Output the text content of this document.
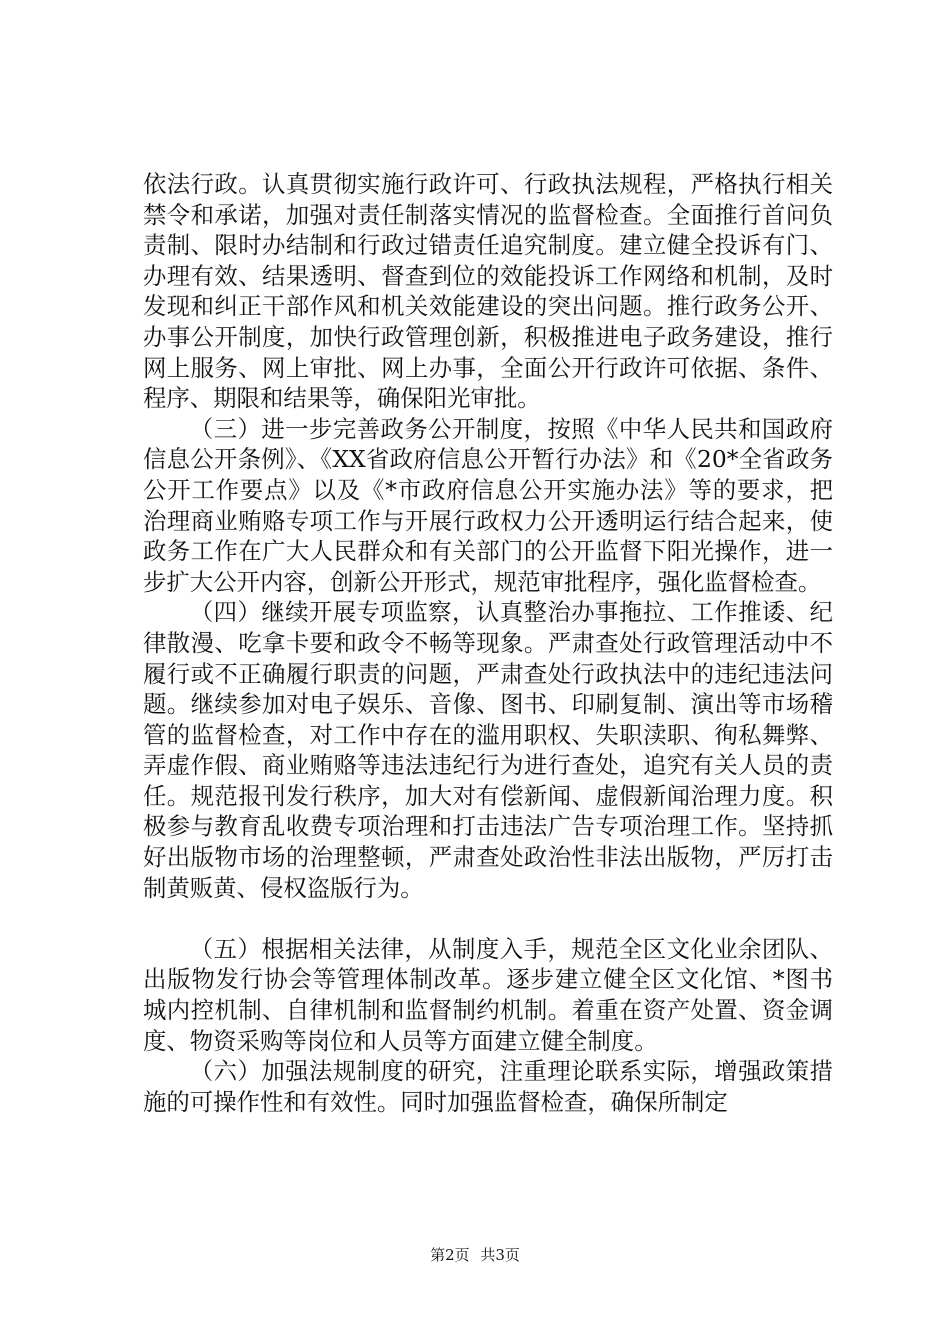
依法行政。认真贯彻实施行政许可、行政执法规程，严格执行相关禁令和承诺，加强对责任制落实情况的监督检查。全面推行首问负责制、限时办结制和行政过错责任追究制度。建立健全投诉有门、办理有效、结果透明、督查到位的效能投诉工作网络和机制，及时发现和纠正干部作风和机关效能建设的突出问题。推行政务公开、办事公开制度，加快行政管理创新，积极推进电子政务建设，推行网上服务、网上审批、网上办事，全面公开行政许可依据、条件、程序、期限和结果等，确保阳光审批。

（三）进一步完善政务公开制度，按照《中华人民共和国政府信息公开条例》、《XX省政府信息公开暂行办法》和《20*全省政务公开工作要点》以及《*市政府信息公开实施办法》等的要求，把治理商业贿赂专项工作与开展行政权力公开透明运行结合起来，使政务工作在广大人民群众和有关部门的公开监督下阳光操作，进一步扩大公开内容，创新公开形式，规范审批程序，强化监督检查。

（四）继续开展专项监察，认真整治办事拖拉、工作推诿、纪律散漫、吃拿卡要和政令不畅等现象。严肃查处行政管理活动中不履行或不正确履行职责的问题，严肃查处行政执法中的违纪违法问题。继续参加对电子娱乐、音像、图书、印刷复制、演出等市场稽管的监督检查，对工作中存在的滥用职权、失职渎职、徇私舞弊、弄虚作假、商业贿赂等违法违纪行为进行查处，追究有关人员的责任。规范报刊发行秩序，加大对有偿新闻、虚假新闻治理力度。积极参与教育乱收费专项治理和打击违法广告专项治理工作。坚持抓好出版物市场的治理整顿，严肃查处政治性非法出版物，严厉打击制黄贩黄、侵权盗版行为。

（五）根据相关法律，从制度入手，规范全区文化业余团队、出版物发行协会等管理体制改革。逐步建立健全区文化馆、*图书城内控机制、自律机制和监督制约机制。着重在资产处置、资金调度、物资采购等岗位和人员等方面建立健全制度。

（六）加强法规制度的研究，注重理论联系实际，增强政策措施的可操作性和有效性。同时加强监督检查，确保所制定

第2页 共3页
